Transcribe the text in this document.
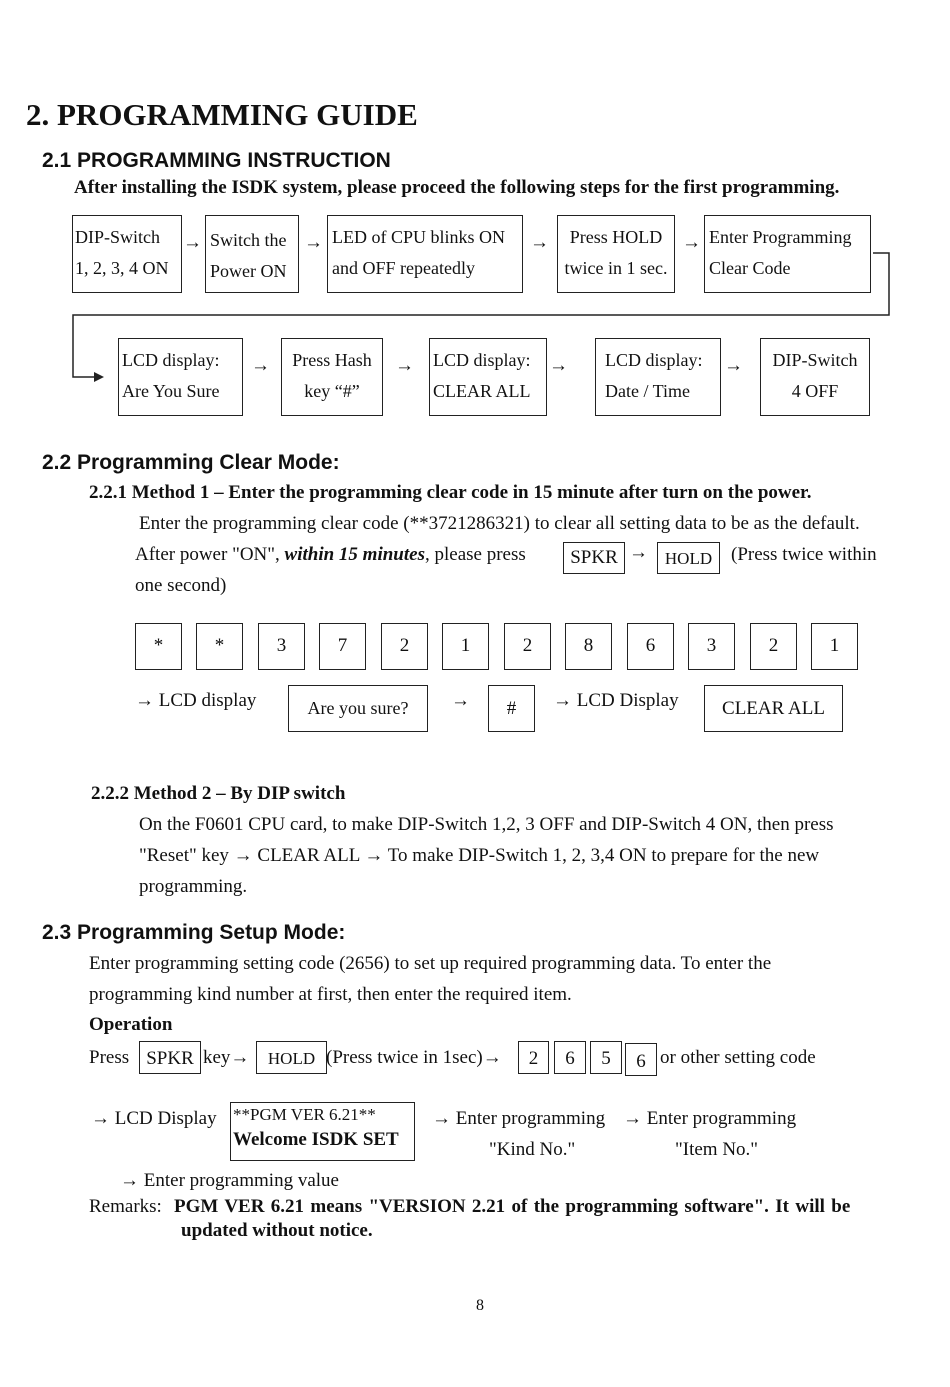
2. PROGRAMMING GUIDE
2.1 PROGRAMMING INSTRUCTION
After installing the ISDK system, please proceed the following steps for the first programming.
DIP-Switch
1, 2, 3, 4 ON
→ Switch the
Power ON
→ LED of CPU blinks ON
and OFF repeatedly
→	Press HOLD
twice in 1 sec.
→ Enter Programming
Clear Code
LCD display:
Are You Sure
→	Press Hash
key “#”
→ LCD display:
CLEAR ALL
→	LCD display:
Date / Time
→	DIP-Switch
4 OFF
2.2 Programming Clear Mode:
2.2.1 Method 1 – Enter the programming clear code in 15 minute after turn on the power.
Enter the programming clear code (**3721286321) to clear all setting data to be as the default.
After power "ON", within 15 minutes, please press	SPKR → HOLD (Press twice within
one second)
*	*	3	7	2	1	2	8	6	3	2	1
→ LCD display	Are you sure?	→	#	→ LCD Display	CLEAR ALL
2.2.2 Method 2 – By DIP switch
On the F0601 CPU card, to make DIP-Switch 1,2, 3 OFF and DIP-Switch 4 ON, then press
"Reset" key → CLEAR ALL → To make DIP-Switch 1, 2, 3,4 ON to prepare for the new
programming.
2.3 Programming Setup Mode:
Enter programming setting code (2656) to set up required programming data. To enter the
programming kind number at first, then enter the required item.
Operation
Press SPKR key→	HOLD (Press twice in 1sec)→	2	6	5	6 or other setting code
→ LCD Display **PGM VER 6.21**
Welcome ISDK SET
→ Enter programming → Enter programming
"Kind No."	"Item No."
→ Enter programming value
Remarks: PGM VER 6.21 means "VERSION 2.21 of the programming software". It will be
updated without notice.
8
